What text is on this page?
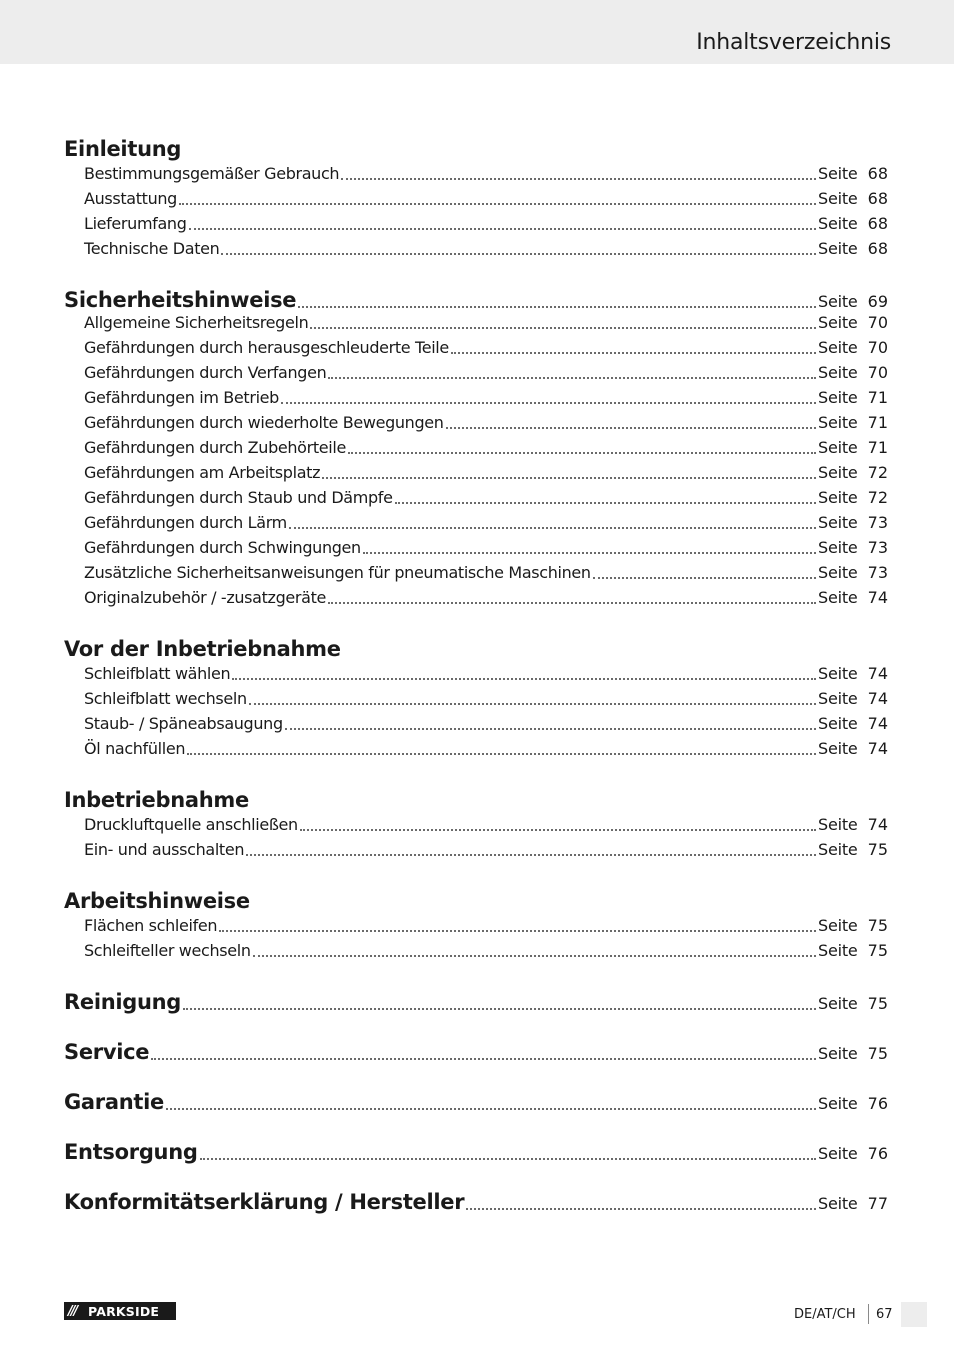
Inhaltsverzeichnis
Einleitung
Bestimmungsgemäßer Gebrauch	Seite 68
Ausstattung	Seite 68
Lieferumfang	Seite 68
Technische Daten	Seite 68
Sicherheitshinweise	Seite 69
Allgemeine Sicherheitsregeln	Seite 70
Gefährdungen durch herausgeschleuderte Teile	Seite 70
Gefährdungen durch Verfangen	Seite 70
Gefährdungen im Betrieb	Seite 71
Gefährdungen durch wiederholte Bewegungen	Seite 71
Gefährdungen durch Zubehörteile	Seite 71
Gefährdungen am Arbeitsplatz	Seite 72
Gefährdungen durch Staub und Dämpfe	Seite 72
Gefährdungen durch Lärm	Seite 73
Gefährdungen durch Schwingungen	Seite 73
Zusätzliche Sicherheitsanweisungen für pneumatische Maschinen	Seite 73
Originalzubehör / -zusatzgeräte	Seite 74
Vor der Inbetriebnahme
Schleifblatt wählen	Seite 74
Schleifblatt wechseln	Seite 74
Staub- / Späneabsaugung	Seite 74
Öl nachfüllen	Seite 74
Inbetriebnahme
Druckluftquelle anschließen	Seite 74
Ein- und ausschalten	Seite 75
Arbeitshinweise
Flächen schleifen	Seite 75
Schleifteller wechseln	Seite 75
Reinigung	Seite 75
Service	Seite 75
Garantie	Seite 76
Entsorgung	Seite 76
Konformitätserklärung / Hersteller	Seite 77
/// PARKSIDE	DE/AT/CH 67
